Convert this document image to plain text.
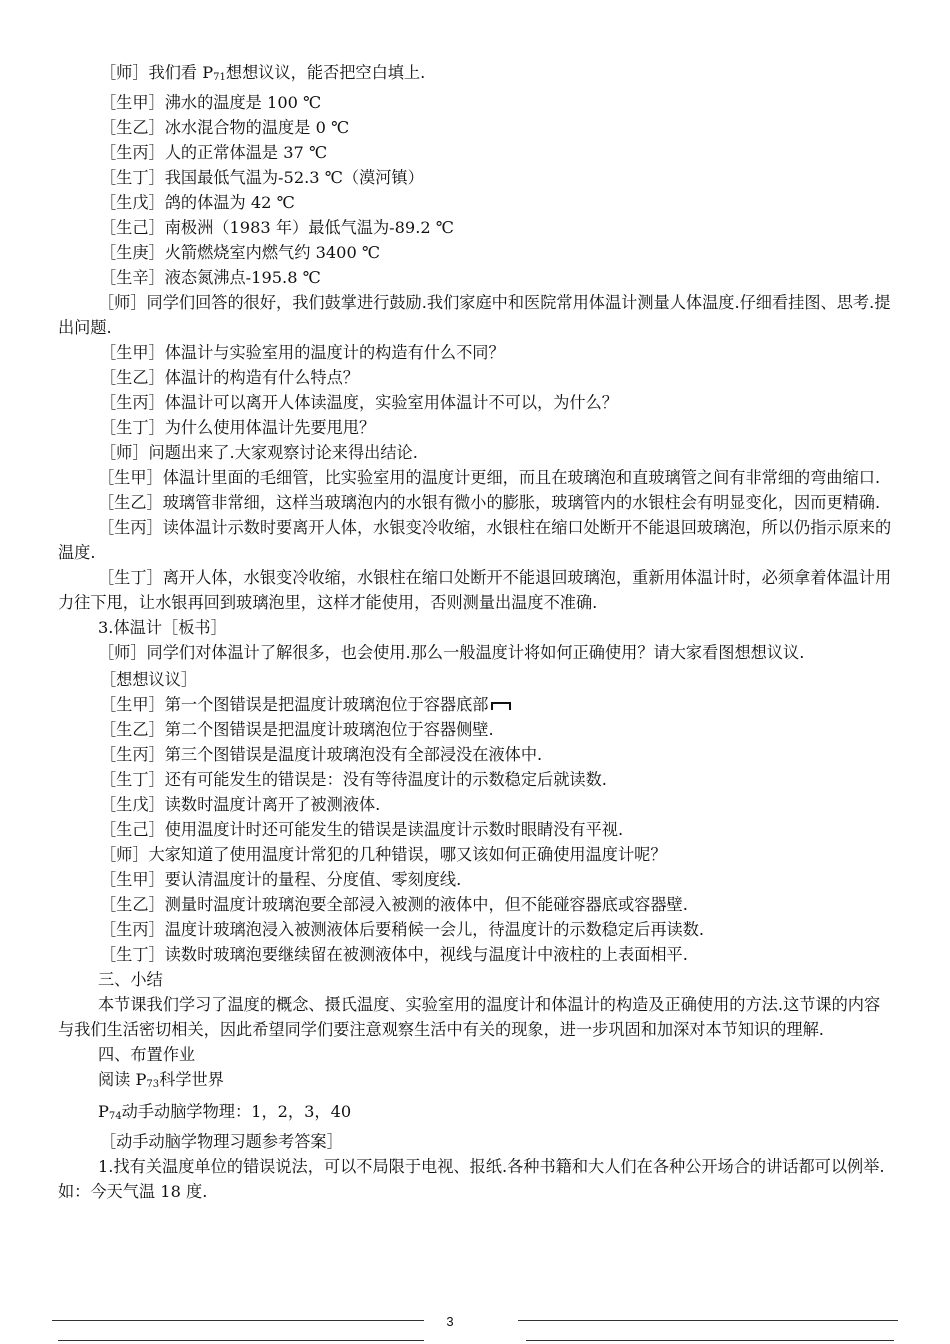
［师］我们看 $P_{71}$想想议议，能否把空白填上.

［生甲］沸水的温度是 100 ℃

［生乙］冰水混合物的温度是 0 ℃

［生丙］人的正常体温是 37 ℃

［生丁］我国最低气温为-52.3 ℃（漠河镇）

［生戊］鸽的体温为 42 ℃

［生己］南极洲（1983 年）最低气温为-89.2 ℃

［生庚］火箭燃烧室内燃气约 3400 ℃

［生辛］液态氮沸点-195.8 ℃

［师］同学们回答的很好，我们鼓掌进行鼓励.我们家庭中和医院常用体温计测量人体温度.仔细看挂图、思考.提出问题.

［生甲］体温计与实验室用的温度计的构造有什么不同？

［生乙］体温计的构造有什么特点？

［生丙］体温计可以离开人体读温度，实验室用体温计不可以，为什么？

［生丁］为什么使用体温计先要甩甩？

［师］问题出来了.大家观察讨论来得出结论.

［生甲］体温计里面的毛细管，比实验室用的温度计更细，而且在玻璃泡和直玻璃管之间有非常细的弯曲缩口.

［生乙］玻璃管非常细，这样当玻璃泡内的水银有微小的膨胀，玻璃管内的水银柱会有明显变化，因而更精确.

［生丙］读体温计示数时要离开人体，水银变冷收缩，水银柱在缩口处断开不能退回玻璃泡，所以仍指示原来的温度.

［生丁］离开人体，水银变冷收缩，水银柱在缩口处断开不能退回玻璃泡，重新用体温计时，必须拿着体温计用力往下甩，让水银再回到玻璃泡里，这样才能使用，否则测量出温度不准确.

3.体温计［板书］

［师］同学们对体温计了解很多，也会使用.那么一般温度计将如何正确使用？请大家看图想想议议.

［想想议议］

［生甲］第一个图错误是把温度计玻璃泡位于容器底部

［生乙］第二个图错误是把温度计玻璃泡位于容器侧壁.

［生丙］第三个图错误是温度计玻璃泡没有全部浸没在液体中.

［生丁］还有可能发生的错误是：没有等待温度计的示数稳定后就读数.

［生戊］读数时温度计离开了被测液体.

［生己］使用温度计时还可能发生的错误是读温度计示数时眼睛没有平视.

［师］大家知道了使用温度计常犯的几种错误，哪又该如何正确使用温度计呢？

［生甲］要认清温度计的量程、分度值、零刻度线.

［生乙］测量时温度计玻璃泡要全部浸入被测的液体中，但不能碰容器底或容器壁.

［生丙］温度计玻璃泡浸入被测液体后要稍候一会儿，待温度计的示数稳定后再读数.

［生丁］读数时玻璃泡要继续留在被测液体中，视线与温度计中液柱的上表面相平.

三、小结

本节课我们学习了温度的概念、摄氏温度、实验室用的温度计和体温计的构造及正确使用的方法.这节课的内容与我们生活密切相关，因此希望同学们要注意观察生活中有关的现象，进一步巩固和加深对本节知识的理解.

四、布置作业

阅读 $P_{73}$科学世界

$P_{74}$动手动脑学物理：1，2，3，40

［动手动脑学物理习题参考答案］

1.找有关温度单位的错误说法，可以不局限于电视、报纸.各种书籍和大人们在各种公开场合的讲话都可以例举.如：今天气温 18 度.

3
